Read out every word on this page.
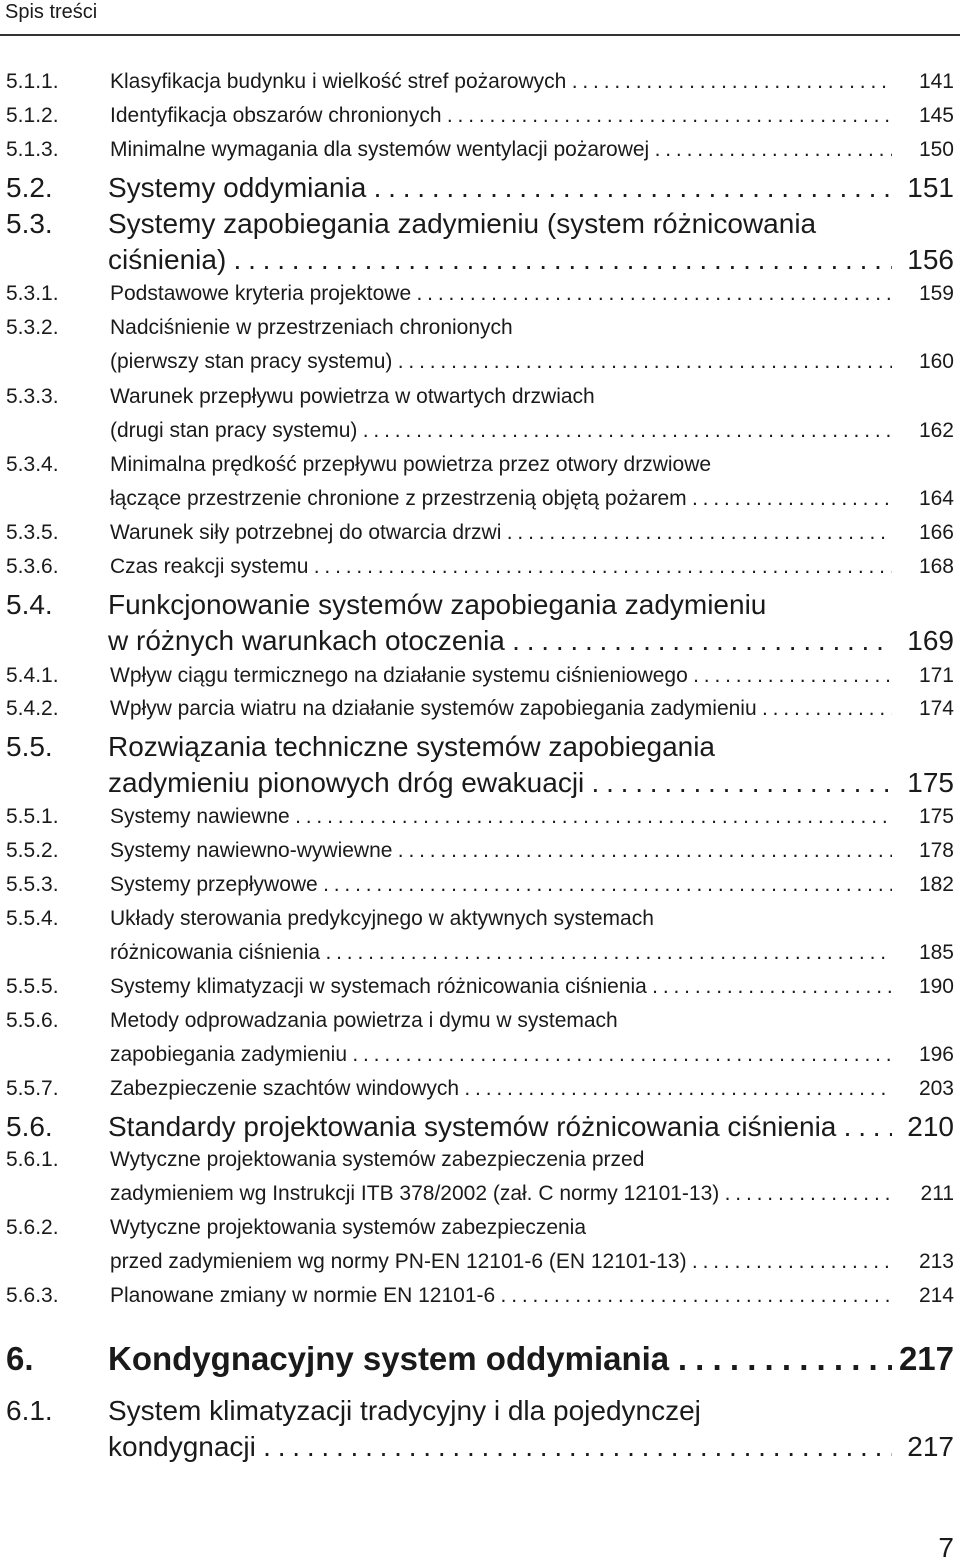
Spis treści
5.1.1. Klasyfikacja budynku i wielkość stref pożarowych . . .	141
5.1.2. Identyfikacja obszarów chronionych . . .	145
5.1.3. Minimalne wymagania dla systemów wentylacji pożarowej . . .	150
5.2. Systemy oddymiania . . .	151
5.3. Systemy zapobiegania zadymieniu (system różnicowania
ciśnienia) . . .	156
5.3.1. Podstawowe kryteria projektowe . . .	159
5.3.2. Nadciśnienie w przestrzeniach chronionych
(pierwszy stan pracy systemu) . . .	160
5.3.3. Warunek przepływu powietrza w otwartych drzwiach
(drugi stan pracy systemu) . . .	162
5.3.4. Minimalna prędkość przepływu powietrza przez otwory drzwiowe
łączące przestrzenie chronione z przestrzenią objętą pożarem . . .	164
5.3.5. Warunek siły potrzebnej do otwarcia drzwi . . .	166
5.3.6. Czas reakcji systemu . . .	168
5.4. Funkcjonowanie systemów zapobiegania zadymieniu
w różnych warunkach otoczenia . . .	169
5.4.1. Wpływ ciągu termicznego na działanie systemu ciśnieniowego . . .	171
5.4.2. Wpływ parcia wiatru na działanie systemów zapobiegania zadymieniu . . .	174
5.5. Rozwiązania techniczne systemów zapobiegania
zadymieniu pionowych dróg ewakuacji . . .	175
5.5.1. Systemy nawiewne . . .	175
5.5.2. Systemy nawiewno-wywiewne . . .	178
5.5.3. Systemy przepływowe . . .	182
5.5.4. Układy sterowania predykcyjnego w aktywnych systemach
różnicowania ciśnienia . . .	185
5.5.5. Systemy klimatyzacji w systemach różnicowania ciśnienia . . .	190
5.5.6. Metody odprowadzania powietrza i dymu w systemach
zapobiegania zadymieniu . . .	196
5.5.7. Zabezpieczenie szachtów windowych . . .	203
5.6. Standardy projektowania systemów różnicowania ciśnienia . . .	210
5.6.1. Wytyczne projektowania systemów zabezpieczenia przed
zadymieniem wg Instrukcji ITB 378/2002 (zał. C normy 12101-13) . . .	211
5.6.2. Wytyczne projektowania systemów zabezpieczenia
przed zadymieniem wg normy PN-EN 12101-6 (EN 12101-13) . . .	213
5.6.3. Planowane zmiany w normie EN 12101-6 . . .	214
6. Kondygnacyjny system oddymiania . . .	217
6.1. System klimatyzacji tradycyjny i dla pojedynczej
kondygnacji . . .	217
7
